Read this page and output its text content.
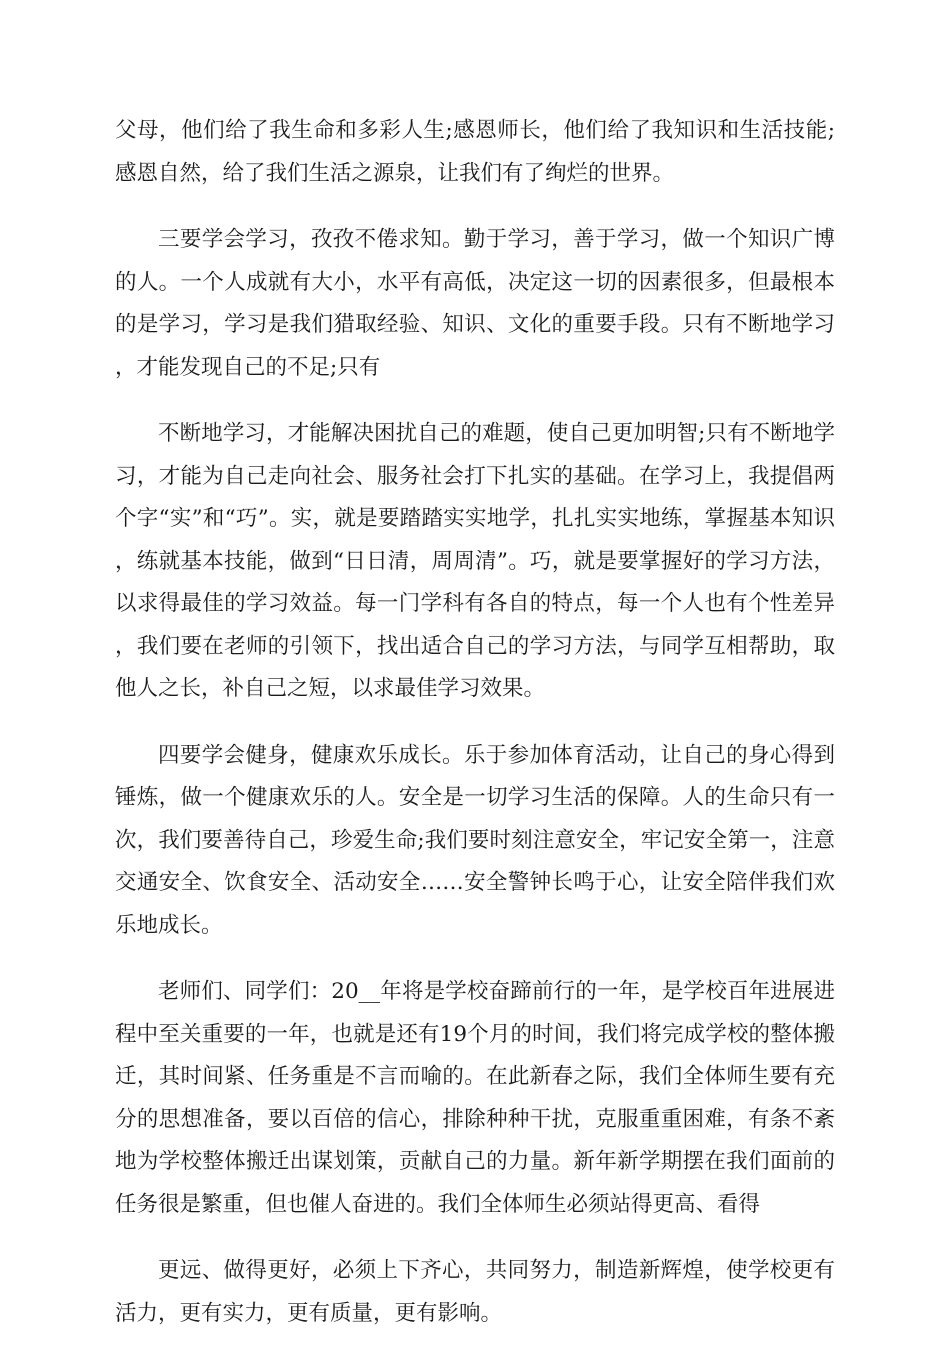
父母，他们给了我生命和多彩人生;感恩师长，他们给了我知识和生活技能;感恩自然，给了我们生活之源泉，让我们有了绚烂的世界。

三要学会学习，孜孜不倦求知。勤于学习，善于学习，做一个知识广博的人。一个人成就有大小，水平有高低，决定这一切的因素很多，但最根本的是学习，学习是我们猎取经验、知识、文化的重要手段。只有不断地学习，才能发现自己的不足;只有

不断地学习，才能解决困扰自己的难题，使自己更加明智;只有不断地学习，才能为自己走向社会、服务社会打下扎实的基础。在学习上，我提倡两个字“实”和“巧”。实，就是要踏踏实实地学，扎扎实实地练，掌握基本知识，练就基本技能，做到“日日清，周周清”。巧，就是要掌握好的学习方法，以求得最佳的学习效益。每一门学科有各自的特点，每一个人也有个性差异，我们要在老师的引领下，找出适合自己的学习方法，与同学互相帮助，取他人之长，补自己之短，以求最佳学习效果。

四要学会健身，健康欢乐成长。乐于参加体育活动，让自己的身心得到锤炼，做一个健康欢乐的人。安全是一切学习生活的保障。人的生命只有一次，我们要善待自己，珍爱生命;我们要时刻注意安全，牢记安全第一，注意交通安全、饮食安全、活动安全……安全警钟长鸣于心，让安全陪伴我们欢乐地成长。

老师们、同学们：20__年将是学校奋蹄前行的一年，是学校百年进展进程中至关重要的一年，也就是还有19个月的时间，我们将完成学校的整体搬迁，其时间紧、任务重是不言而喻的。在此新春之际，我们全体师生要有充分的思想准备，要以百倍的信心，排除种种干扰，克服重重困难，有条不紊地为学校整体搬迁出谋划策，贡献自己的力量。新年新学期摆在我们面前的任务很是繁重，但也催人奋进的。我们全体师生必须站得更高、看得

更远、做得更好，必须上下齐心，共同努力，制造新辉煌，使学校更有活力，更有实力，更有质量，更有影响。
